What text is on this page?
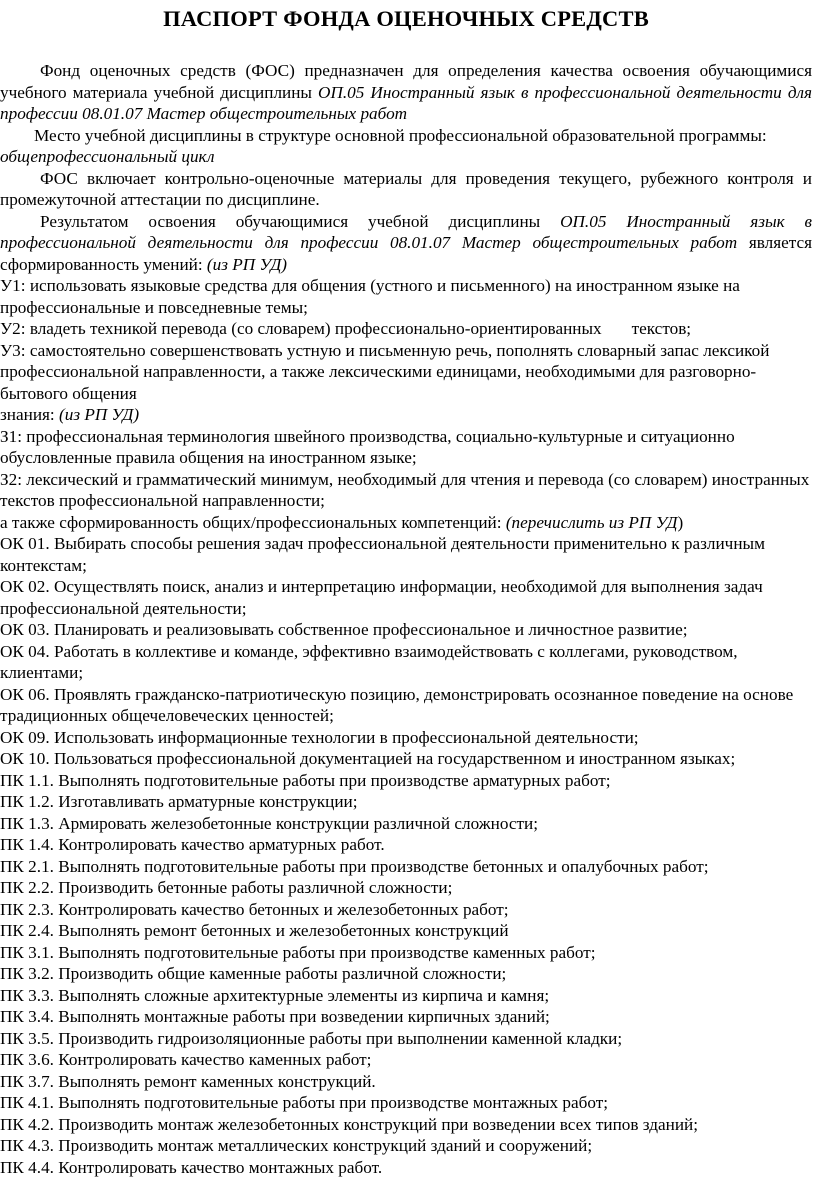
ПАСПОРТ ФОНДА ОЦЕНОЧНЫХ СРЕДСТВ

Фонд оценочных средств (ФОС) предназначен для определения качества освоения обучающимися учебного материала учебной дисциплины ОП.05 Иностранный язык в профессиональной деятельности для профессии 08.01.07 Мастер общестроительных работ

Место учебной дисциплины в структуре основной профессиональной образовательной программы:

общепрофессиональный цикл

ФОС включает контрольно-оценочные материалы для проведения текущего, рубежного контроля и промежуточной аттестации по дисциплине.

Результатом освоения обучающимися учебной дисциплины ОП.05 Иностранный язык в профессиональной деятельности для профессии 08.01.07 Мастер общестроительных работ является сформированность умений: (из РП УД)

У1: использовать языковые средства для общения (устного и письменного) на иностранном языке на профессиональные и повседневные темы;

У2: владеть техникой перевода (со словарем) профессионально-ориентированных текстов;

У3: самостоятельно совершенствовать устную и письменную речь, пополнять словарный запас лексикой профессиональной направленности, а также лексическими единицами, необходимыми для разговорно-бытового общения

знания: (из РП УД)

З1: профессиональная терминология швейного производства, социально-культурные и ситуационно обусловленные правила общения на иностранном языке;

З2: лексический и грамматический минимум, необходимый для чтения и перевода (со словарем) иностранных текстов профессиональной направленности;

а также сформированность общих/профессиональных компетенций: (перечислить из РП УД)

ОК 01. Выбирать способы решения задач профессиональной деятельности применительно к различным контекстам;

ОК 02. Осуществлять поиск, анализ и интерпретацию информации, необходимой для выполнения задач профессиональной деятельности;

ОК 03. Планировать и реализовывать собственное профессиональное и личностное развитие;

ОК 04. Работать в коллективе и команде, эффективно взаимодействовать с коллегами, руководством, клиентами;

ОК 06. Проявлять гражданско-патриотическую позицию, демонстрировать осознанное поведение на основе традиционных общечеловеческих ценностей;

ОК 09. Использовать информационные технологии в профессиональной деятельности;

ОК 10. Пользоваться профессиональной документацией на государственном и иностранном языках;

ПК 1.1. Выполнять подготовительные работы при производстве арматурных работ;

ПК 1.2. Изготавливать арматурные конструкции;

ПК 1.3. Армировать железобетонные конструкции различной сложности;

ПК 1.4. Контролировать качество арматурных работ.

ПК 2.1. Выполнять подготовительные работы при производстве бетонных и опалубочных работ;

ПК 2.2. Производить бетонные работы различной сложности;

ПК 2.3. Контролировать качество бетонных и железобетонных работ;

ПК 2.4. Выполнять ремонт бетонных и железобетонных конструкций

ПК 3.1. Выполнять подготовительные работы при производстве каменных работ;

ПК 3.2. Производить общие каменные работы различной сложности;

ПК 3.3. Выполнять сложные архитектурные элементы из кирпича и камня;

ПК 3.4. Выполнять монтажные работы при возведении кирпичных зданий;

ПК 3.5. Производить гидроизоляционные работы при выполнении каменной кладки;

ПК 3.6. Контролировать качество каменных работ;

ПК 3.7. Выполнять ремонт каменных конструкций.

ПК 4.1. Выполнять подготовительные работы при производстве монтажных работ;

ПК 4.2. Производить монтаж железобетонных конструкций при возведении всех типов зданий;

ПК 4.3. Производить монтаж металлических конструкций зданий и сооружений;

ПК 4.4. Контролировать качество монтажных работ.
